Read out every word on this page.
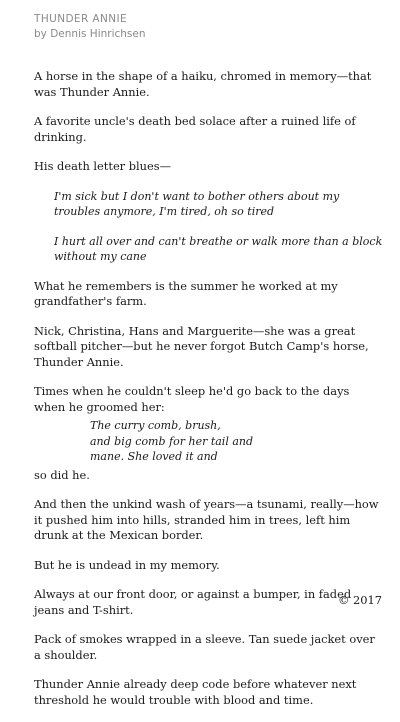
THUNDER ANNIE
by Dennis Hinrichsen

A horse in the shape of a haiku, chromed in memory—that was Thunder Annie.

A favorite uncle's death bed solace after a ruined life of drinking.

His death letter blues—

I'm sick but I don't want to bother others about my troubles anymore, I'm tired, oh so tired

I hurt all over and can't breathe or walk more than a block without my cane

What he remembers is the summer he worked at my grandfather's farm.

Nick, Christina, Hans and Marguerite—she was a great softball pitcher—but he never forgot Butch Camp's horse, Thunder Annie.

Times when he couldn't sleep he'd go back to the days when he groomed her:

The curry comb, brush,
and big comb for her tail and
mane. She loved it and

so did he.

And then the unkind wash of years—a tsunami, really—how it pushed him into hills, stranded him in trees, left him drunk at the Mexican border.

But he is undead in my memory.

Always at our front door, or against a bumper, in faded jeans and T-shirt.

Pack of smokes wrapped in a sleeve. Tan suede jacket over a shoulder.

Thunder Annie already deep code before whatever next threshold he would trouble with blood and time.

© 2017
